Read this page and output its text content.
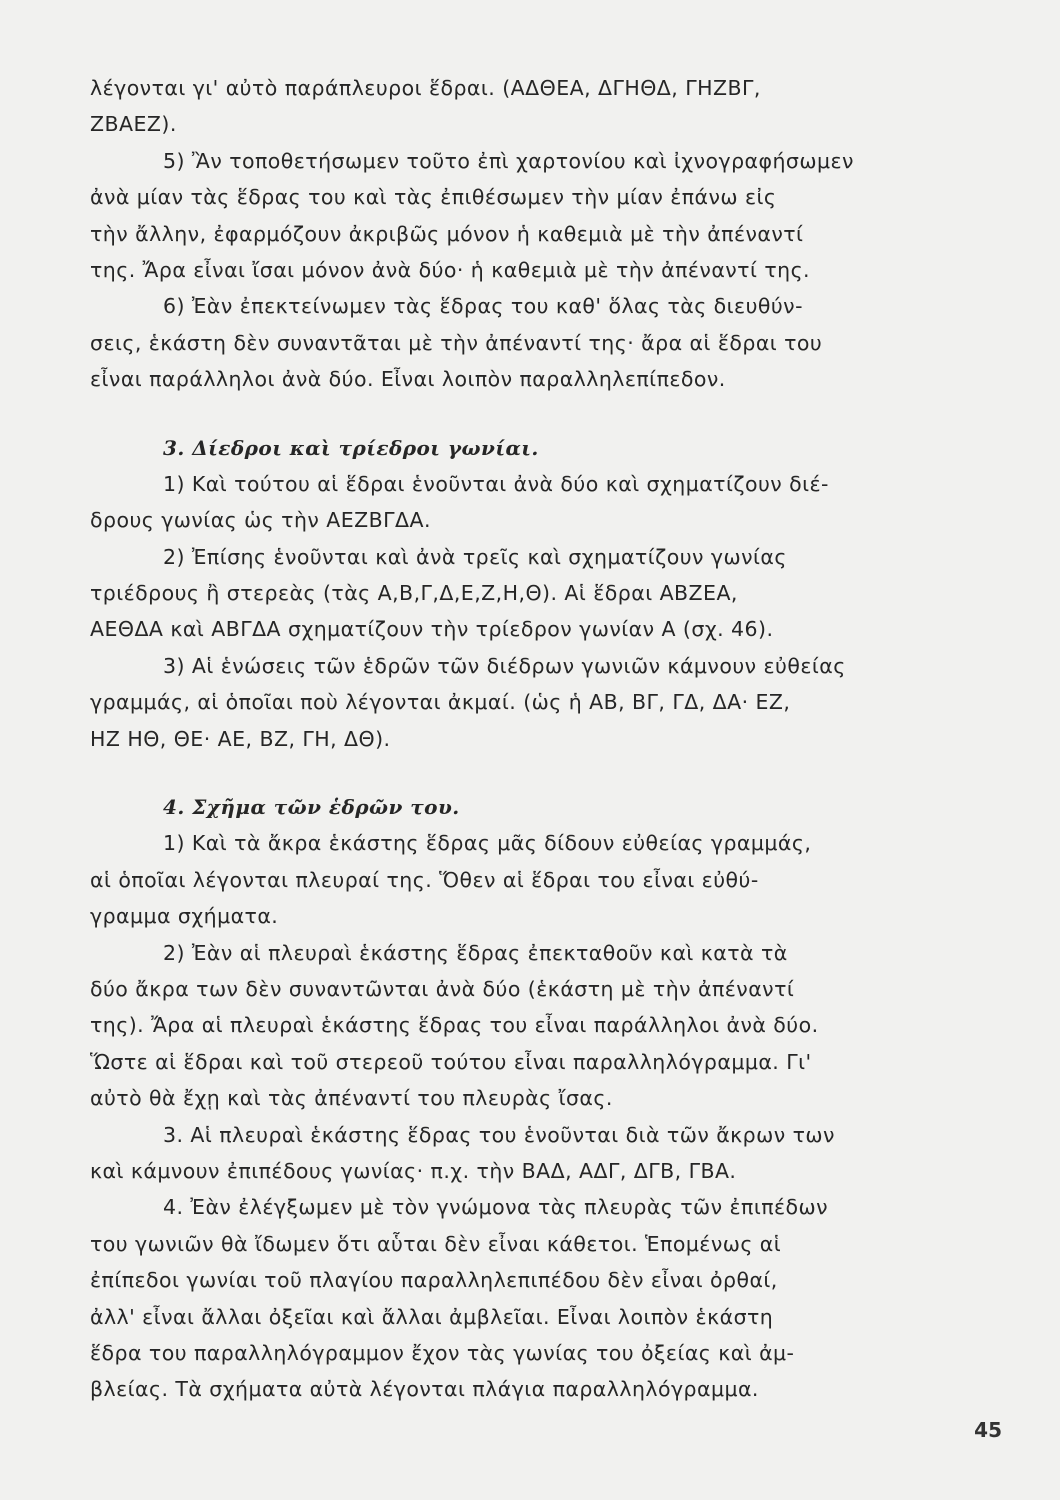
λέγονται γι' αὐτὸ παράπλευροι ἕδραι. (ΑΔΘΕΑ, ΔΓΗΘΔ, ΓΗΖΒΓ,
ΖΒΑΕΖ).
5) Ἂν τοποθετήσωμεν τοῦτο ἐπὶ χαρτονίου καὶ ἰχνογραφήσωμεν
ἀνὰ μίαν τὰς ἕδρας του καὶ τὰς ἐπιθέσωμεν τὴν μίαν ἐπάνω εἰς
τὴν ἄλλην, ἐφαρμόζουν ἀκριβῶς μόνον ἡ καθεμιὰ μὲ τὴν ἀπέναντί
της. Ἄρα εἶναι ἴσαι μόνον ἀνὰ δύο· ἡ καθεμιὰ μὲ τὴν ἀπέναντί της.
6) Ἐὰν ἐπεκτείνωμεν τὰς ἕδρας του καθ' ὅλας τὰς διευθύν-
σεις, ἑκάστη δὲν συναντᾶται μὲ τὴν ἀπέναντί της· ἄρα αἱ ἕδραι του
εἶναι παράλληλοι ἀνὰ δύο. Εἶναι λοιπὸν παραλληλεπίπεδον.
3. Δίεδροι καὶ τρίεδροι γωνίαι.
1) Καὶ τούτου αἱ ἕδραι ἑνοῦνται ἀνὰ δύο καὶ σχηματίζουν διέ-
δρους γωνίας ὡς τὴν ΑΕΖΒΓΔΑ.
2) Ἐπίσης ἑνοῦνται καὶ ἀνὰ τρεῖς καὶ σχηματίζουν γωνίας
τριέδρους ἢ στερεὰς (τὰς Α,Β,Γ,Δ,Ε,Ζ,Η,Θ). Αἱ ἕδραι ΑΒΖΕΑ,
ΑΕΘΔΑ καὶ ΑΒΓΔΑ σχηματίζουν τὴν τρίεδρον γωνίαν Α (σχ. 46).
3) Αἱ ἑνώσεις τῶν ἑδρῶν τῶν διέδρων γωνιῶν κάμνουν εὐθείας
γραμμάς, αἱ ὁποῖαι ποὺ λέγονται ἀκμαί. (ὡς ἡ ΑΒ, ΒΓ, ΓΔ, ΔΑ· ΕΖ,
ΗΖ ΗΘ, ΘΕ· ΑΕ, ΒΖ, ΓΗ, ΔΘ).
4. Σχῆμα τῶν ἑδρῶν του.
1) Καὶ τὰ ἄκρα ἑκάστης ἕδρας μᾶς δίδουν εὐθείας γραμμάς,
αἱ ὁποῖαι λέγονται πλευραί της. Ὅθεν αἱ ἕδραι του εἶναι εὐθύ-
γραμμα σχήματα.
2) Ἐὰν αἱ πλευραὶ ἑκάστης ἕδρας ἐπεκταθοῦν καὶ κατὰ τὰ
δύο ἄκρα των δὲν συναντῶνται ἀνὰ δύο (ἑκάστη μὲ τὴν ἀπέναντί
της). Ἄρα αἱ πλευραὶ ἑκάστης ἕδρας του εἶναι παράλληλοι ἀνὰ δύο.
Ὥστε αἱ ἕδραι καὶ τοῦ στερεοῦ τούτου εἶναι παραλληλόγραμμα. Γι'
αὐτὸ θὰ ἔχῃ καὶ τὰς ἀπέναντί του πλευρὰς ἴσας.
3. Αἱ πλευραὶ ἑκάστης ἕδρας του ἑνοῦνται διὰ τῶν ἄκρων των
καὶ κάμνουν ἐπιπέδους γωνίας· π.χ. τὴν ΒΑΔ, ΑΔΓ, ΔΓΒ, ΓΒΑ.
4. Ἐὰν ἐλέγξωμεν μὲ τὸν γνώμονα τὰς πλευρὰς τῶν ἐπιπέδων
του γωνιῶν θὰ ἴδωμεν ὅτι αὗται δὲν εἶναι κάθετοι. Ἑπομένως αἱ
ἐπίπεδοι γωνίαι τοῦ πλαγίου παραλληλεπιπέδου δὲν εἶναι ὀρθαί,
ἀλλ' εἶναι ἄλλαι ὀξεῖαι καὶ ἄλλαι ἀμβλεῖαι. Εἶναι λοιπὸν ἑκάστη
ἕδρα του παραλληλόγραμμον ἔχον τὰς γωνίας του ὀξείας καὶ ἀμ-
βλείας. Τὰ σχήματα αὐτὰ λέγονται πλάγια παραλληλόγραμμα.
45
